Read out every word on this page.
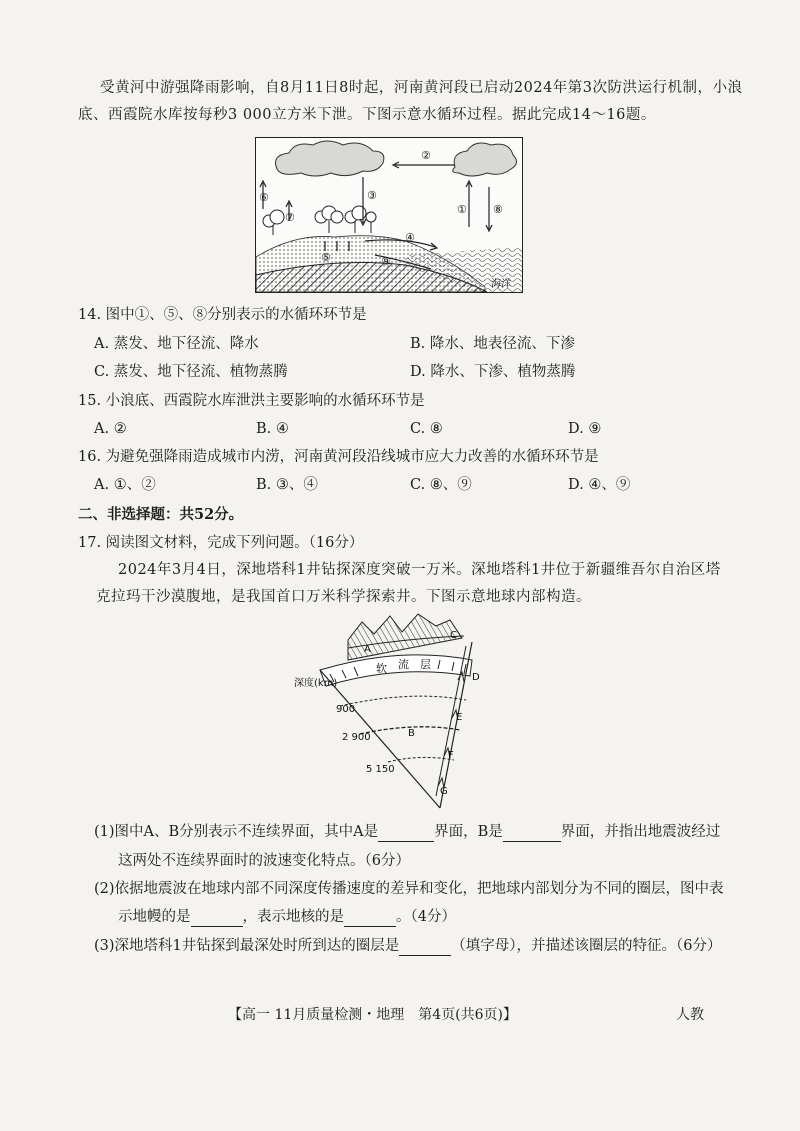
受黄河中游强降雨影响，自8月11日8时起，河南黄河段已启动2024年第3次防洪运行机制，小浪
底、西霞院水库按每秒3 000立方米下泄。下图示意水循环过程。据此完成14～16题。
⑥
⑦
③
②
① ⑧
④
⑤	⑨
海洋
14. 图中①、⑤、⑧分别表示的水循环环节是
A. 蒸发、地下径流、降水	B. 降水、地表径流、下渗
C. 蒸发、地下径流、植物蒸腾	D. 降水、下渗、植物蒸腾
15. 小浪底、西霞院水库泄洪主要影响的水循环环节是
A. ②	B. ④	C. ⑧	D. ⑨
16. 为避免强降雨造成城市内涝，河南黄河段沿线城市应大力改善的水循环环节是
A. ①、②	B. ③、④	C. ⑧、⑨	D. ④、⑨
二、非选择题：共52分。
17. 阅读图文材料，完成下列问题。（16分）
2024年3月4日，深地塔科1井钻探深度突破一万米。深地塔科1井位于新疆维吾尔自治区塔
克拉玛干沙漠腹地，是我国首口万米科学探索井。下图示意地球内部构造。
深度(km)
900
2 900
5 150
A
B
C
D
E
F
G
软 流 层
(1)图中A、B分别表示不连续界面，其中A是	界面，B是	界面，并指出地震波经过
这两处不连续界面时的波速变化特点。（6分）
(2)依据地震波在地球内部不同深度传播速度的差异和变化，把地球内部划分为不同的圈层，图中表
示地幔的是	，表示地核的是	。（4分）
(3)深地塔科1井钻探到最深处时所到达的圈层是	（填字母），并描述该圈层的特征。（6分）
【高一 11月质量检测・地理　第4页(共6页)】	人教
